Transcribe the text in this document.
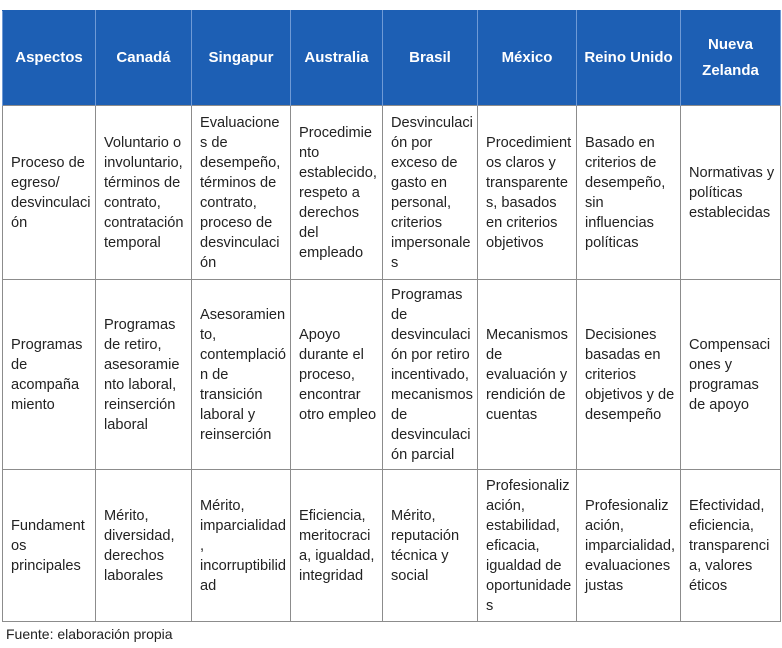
Aspectos	Canadá	Singapur	Australia	Brasil	México	Reino Unido	Nueva Zelanda
Proceso de egreso/ desvinculación	Voluntario o involuntario, términos de contrato, contratación temporal	Evaluaciones de desempeño, términos de contrato, proceso de desvinculación	Procedimiento establecido, respeto a derechos del empleado	Desvinculación por exceso de gasto en personal, criterios impersonales	Procedimientos claros y transparentes, basados en criterios objetivos	Basado en criterios de desempeño, sin influencias políticas	Normativas y políticas establecidas
Programas de acompañamiento	Programas de retiro, asesoramiento laboral, reinserción laboral	Asesoramiento, contemplación de transición laboral y reinserción	Apoyo durante el proceso, encontrar otro empleo	Programas de desvinculación por retiro incentivado, mecanismos de desvinculación parcial	Mecanismos de evaluación y rendición de cuentas	Decisiones basadas en criterios objetivos y de desempeño	Compensaciones y programas de apoyo
Fundamentos principales	Mérito, diversidad, derechos laborales	Mérito, imparcialidad, incorruptibilidad	Eficiencia, meritocracia, igualdad, integridad	Mérito, reputación técnica y social	Profesionalización, estabilidad, eficacia, igualdad de oportunidades	Profesionalización, imparcialidad, evaluaciones justas	Efectividad, eficiencia, transparencia, valores éticos
Fuente: elaboración propia
